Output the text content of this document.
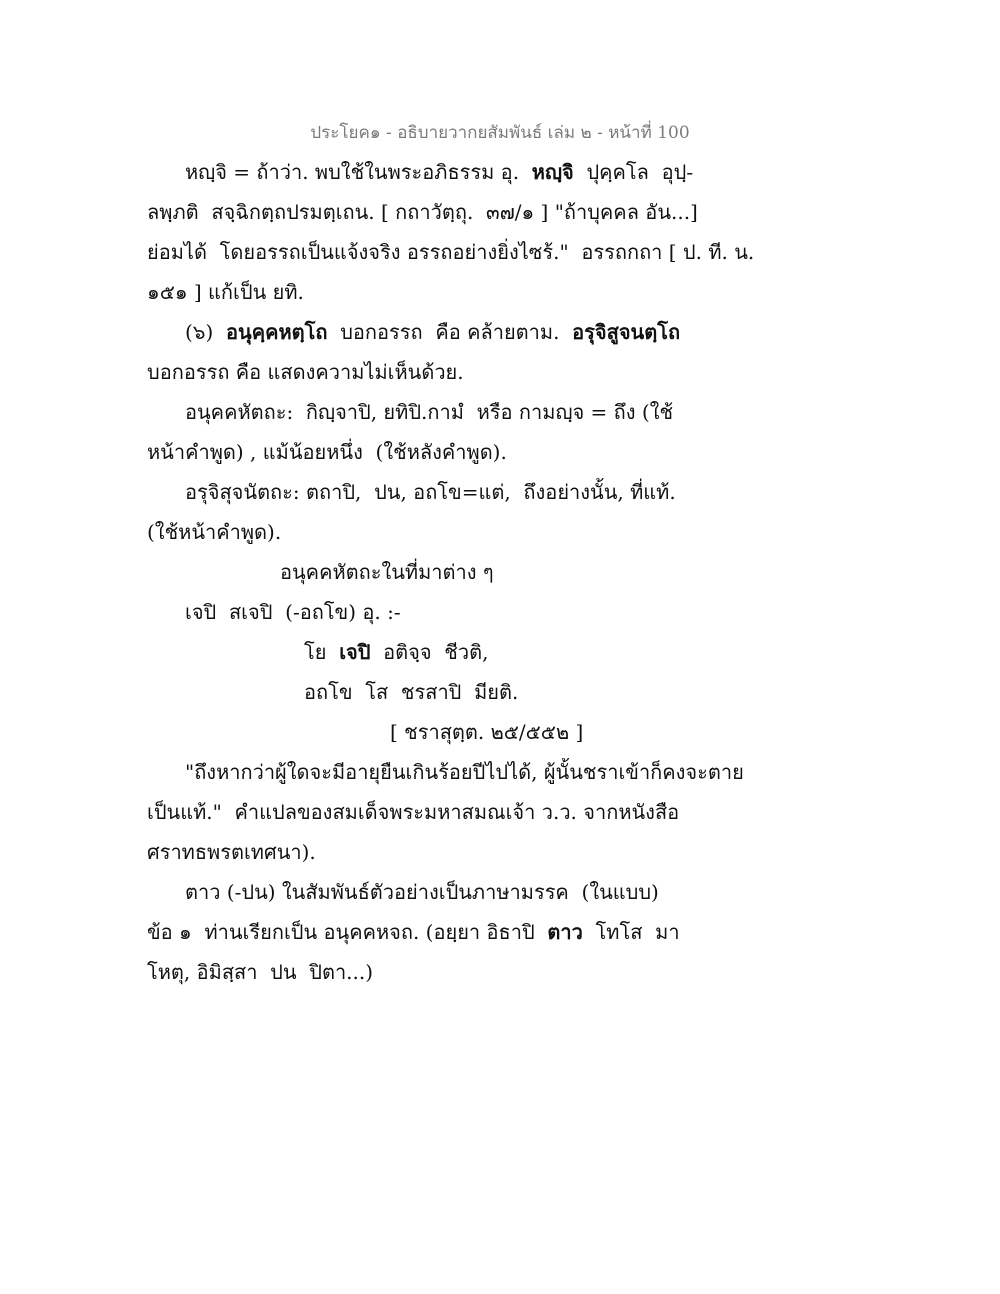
ประโยค๑ - อธิบายวากยสัมพันธ์ เล่ม ๒ - หน้าที่ 100
หญฺจิ = ถ้าว่า. พบใช้ในพระอภิธรรม อุ.  หญฺจิ  ปุคฺคโล  อุปฺ-
ลพฺภติ  สจฺฉิกตฺถปรมตฺเถน. [ กถาวัตฺถุ.  ๓๗/๑ ] "ถ้าบุคคล อัน...]
ย่อมได้  โดยอรรถเป็นแจ้งจริง อรรถอย่างยิ่งไซร้."  อรรถกถา [ ป. ที. น.
๑๕๑ ] แก้เป็น ยทิ.
(๖)  อนุคฺคหตฺโถ  บอกอรรถ  คือ คล้ายตาม.  อรุจิสูจนตฺโถ
บอกอรรถ คือ แสดงความไม่เห็นด้วย.
อนุคคหัตถะ:  กิญฺจาปิ, ยทิปิ.กามํ  หรือ กามญฺจ = ถึง (ใช้
หน้าคำพูด) , แม้น้อยหนึ่ง  (ใช้หลังคำพูด).
อรุจิสุจนัตถะ: ตถาปิ,  ปน, อถโข=แต่,  ถึงอย่างนั้น, ที่แท้.
(ใช้หน้าคำพูด).
อนุคคหัตถะในที่มาต่าง ๆ
เจปิ  สเจปิ  (-อถโข) อุ. :-
โย  เจปิ  อติจฺจ  ชีวติ,
อถโข  โส  ชรสาปิ  มียติ.
[ ชราสุตฺต. ๒๕/๕๕๒ ]
"ถึงหากว่าผู้ใดจะมีอายุยืนเกินร้อยปีไปได้, ผู้นั้นชราเข้าก็คงจะตาย
เป็นแท้."  คำแปลของสมเด็จพระมหาสมณเจ้า ว.ว. จากหนังสือ
ศราทธพรตเทศนา).
ตาว (-ปน) ในสัมพันธ์ตัวอย่างเป็นภาษามรรค  (ในแบบ)
ข้อ ๑  ท่านเรียกเป็น อนุคคหจถ. (อยฺยา อิธาปิ  ตาว  โทโส  มา
โหตุ, อิมิสฺสา  ปน  ปิตา...)
